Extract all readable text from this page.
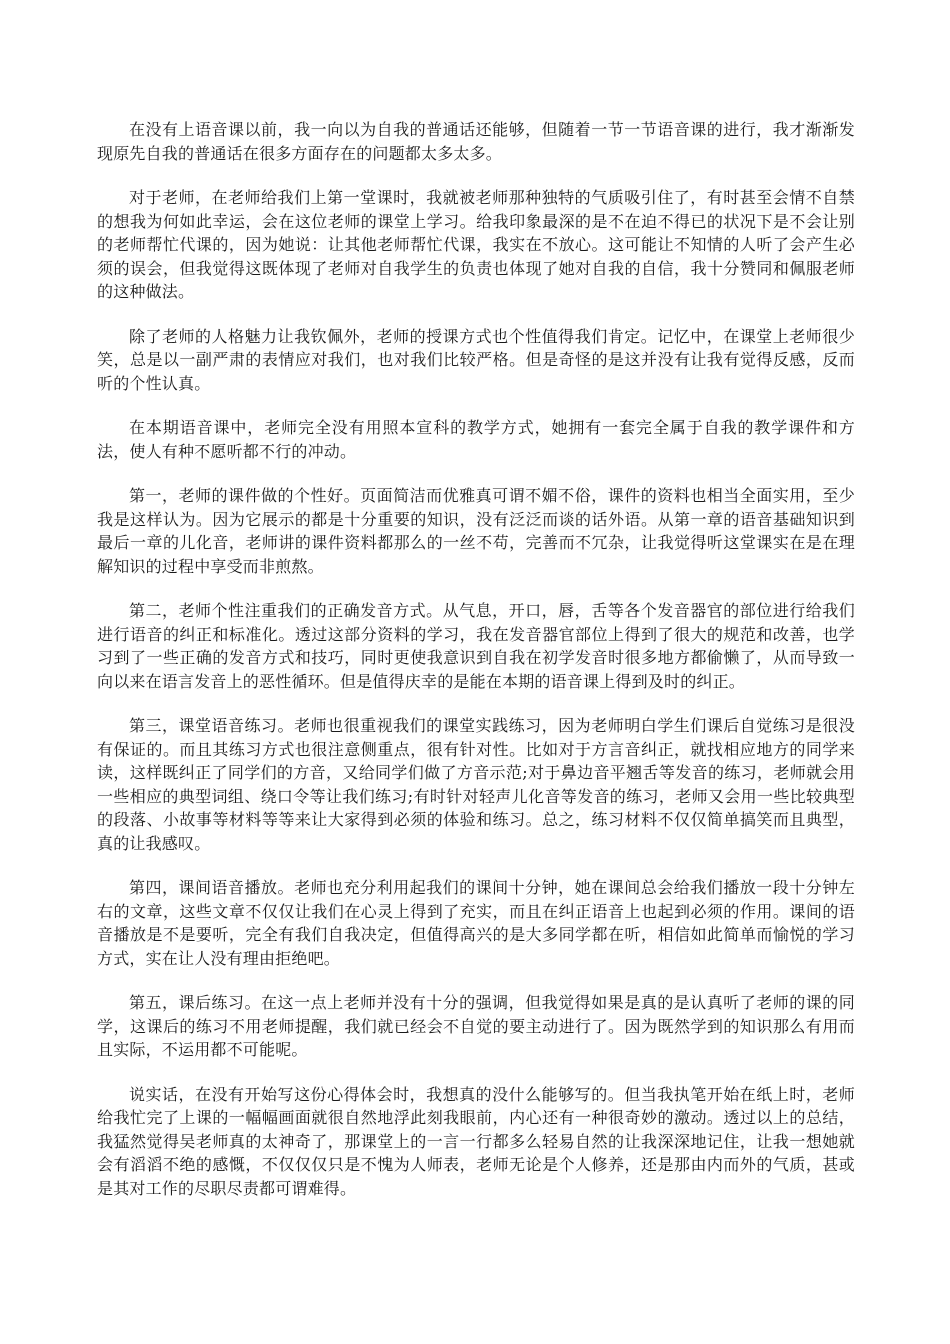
在没有上语音课以前，我一向以为自我的普通话还能够，但随着一节一节语音课的进行，我才渐渐发现原先自我的普通话在很多方面存在的问题都太多太多。

对于老师，在老师给我们上第一堂课时，我就被老师那种独特的气质吸引住了，有时甚至会情不自禁的想我为何如此幸运，会在这位老师的课堂上学习。给我印象最深的是不在迫不得已的状况下是不会让别的老师帮忙代课的，因为她说：让其他老师帮忙代课，我实在不放心。这可能让不知情的人听了会产生必须的误会，但我觉得这既体现了老师对自我学生的负责也体现了她对自我的自信，我十分赞同和佩服老师的这种做法。

除了老师的人格魅力让我钦佩外，老师的授课方式也个性值得我们肯定。记忆中，在课堂上老师很少笑，总是以一副严肃的表情应对我们，也对我们比较严格。但是奇怪的是这并没有让我有觉得反感，反而听的个性认真。

在本期语音课中，老师完全没有用照本宣科的教学方式，她拥有一套完全属于自我的教学课件和方法，使人有种不愿听都不行的冲动。

第一，老师的课件做的个性好。页面简洁而优雅真可谓不媚不俗，课件的资料也相当全面实用，至少我是这样认为。因为它展示的都是十分重要的知识，没有泛泛而谈的话外语。从第一章的语音基础知识到最后一章的儿化音，老师讲的课件资料都那么的一丝不苟，完善而不冗杂，让我觉得听这堂课实在是在理解知识的过程中享受而非煎熬。

第二，老师个性注重我们的正确发音方式。从气息，开口，唇，舌等各个发音器官的部位进行给我们进行语音的纠正和标准化。透过这部分资料的学习，我在发音器官部位上得到了很大的规范和改善，也学习到了一些正确的发音方式和技巧，同时更使我意识到自我在初学发音时很多地方都偷懒了，从而导致一向以来在语言发音上的恶性循环。但是值得庆幸的是能在本期的语音课上得到及时的纠正。

第三，课堂语音练习。老师也很重视我们的课堂实践练习，因为老师明白学生们课后自觉练习是很没有保证的。而且其练习方式也很注意侧重点，很有针对性。比如对于方言音纠正，就找相应地方的同学来读，这样既纠正了同学们的方音，又给同学们做了方音示范;对于鼻边音平翘舌等发音的练习，老师就会用一些相应的典型词组、绕口令等让我们练习;有时针对轻声儿化音等发音的练习，老师又会用一些比较典型的段落、小故事等材料等等来让大家得到必须的体验和练习。总之，练习材料不仅仅简单搞笑而且典型，真的让我感叹。

第四，课间语音播放。老师也充分利用起我们的课间十分钟，她在课间总会给我们播放一段十分钟左右的文章，这些文章不仅仅让我们在心灵上得到了充实，而且在纠正语音上也起到必须的作用。课间的语音播放是不是要听，完全有我们自我决定，但值得高兴的是大多同学都在听，相信如此简单而愉悦的学习方式，实在让人没有理由拒绝吧。

第五，课后练习。在这一点上老师并没有十分的强调，但我觉得如果是真的是认真听了老师的课的同学，这课后的练习不用老师提醒，我们就已经会不自觉的要主动进行了。因为既然学到的知识那么有用而且实际，不运用都不可能呢。

说实话，在没有开始写这份心得体会时，我想真的没什么能够写的。但当我执笔开始在纸上时，老师给我忙完了上课的一幅幅画面就很自然地浮此刻我眼前，内心还有一种很奇妙的激动。透过以上的总结，我猛然觉得吴老师真的太神奇了，那课堂上的一言一行都多么轻易自然的让我深深地记住，让我一想她就会有滔滔不绝的感慨，不仅仅仅只是不愧为人师表，老师无论是个人修养，还是那由内而外的气质，甚或是其对工作的尽职尽责都可谓难得。
